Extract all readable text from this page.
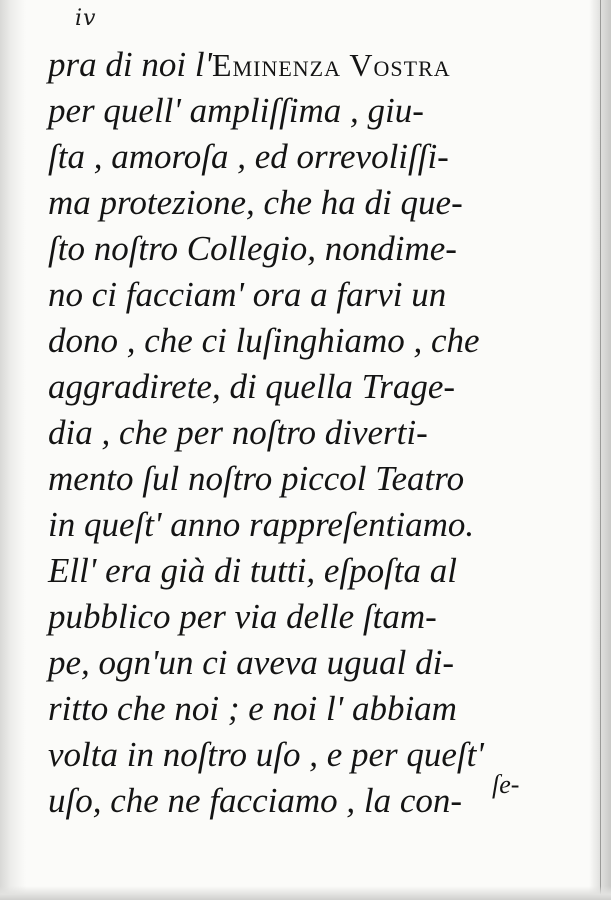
iv
pra di noi l'Eminenza Vostra
per quell' ampliſſima , giu-
ſta , amoroſa , ed orrevoliſſi-
ma protezione, che ha di que-
ſto noſtro Collegio, nondime-
no ci facciam' ora a farvi un
dono , che ci luſinghiamo , che
aggradirete, di quella Trage-
dia , che per noſtro diverti-
mento ſul noſtro piccol Teatro
in queſt' anno rappreſentiamo.
Ell' era già di tutti, eſpoſta al
pubblico per via delle ſtam-
pe, ogn'un ci aveva ugual di-
ritto che noi ; e noi l' abbiam
volta in noſtro uſo , e per queſt'
uſo, che ne facciamo , la con-	ſe-
